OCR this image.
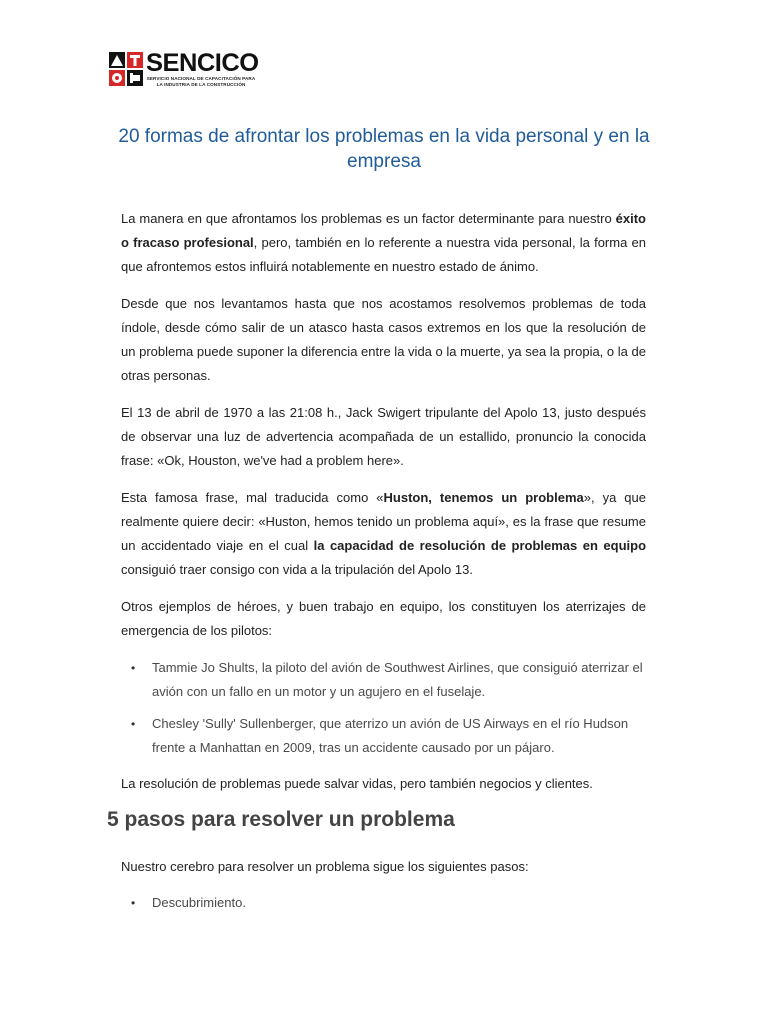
SENCICO
SERVICIO NACIONAL DE CAPACITACIÓN PARA LA INDUSTRIA DE LA CONSTRUCCIÓN
20 formas de afrontar los problemas en la vida personal y en la empresa

La manera en que afrontamos los problemas es un factor determinante para nuestro éxito o fracaso profesional, pero, también en lo referente a nuestra vida personal, la forma en que afrontemos estos influirá notablemente en nuestro estado de ánimo.

Desde que nos levantamos hasta que nos acostamos resolvemos problemas de toda índole, desde cómo salir de un atasco hasta casos extremos en los que la resolución de un problema puede suponer la diferencia entre la vida o la muerte, ya sea la propia, o la de otras personas.

El 13 de abril de 1970 a las 21:08 h., Jack Swigert tripulante del Apolo 13, justo después de observar una luz de advertencia acompañada de un estallido, pronuncio la conocida frase: «Ok, Houston, we've had a problem here».

Esta famosa frase, mal traducida como «Huston, tenemos un problema», ya que realmente quiere decir: «Huston, hemos tenido un problema aquí», es la frase que resume un accidentado viaje en el cual la capacidad de resolución de problemas en equipo consiguió traer consigo con vida a la tripulación del Apolo 13.

Otros ejemplos de héroes, y buen trabajo en equipo, los constituyen los aterrizajes de emergencia de los pilotos:

• Tammie Jo Shults, la piloto del avión de Southwest Airlines, que consiguió aterrizar el avión con un fallo en un motor y un agujero en el fuselaje.
• Chesley 'Sully' Sullenberger, que aterrizo un avión de US Airways en el río Hudson frente a Manhattan en 2009, tras un accidente causado por un pájaro.

La resolución de problemas puede salvar vidas, pero también negocios y clientes.

5 pasos para resolver un problema

Nuestro cerebro para resolver un problema sigue los siguientes pasos:

• Descubrimiento.
